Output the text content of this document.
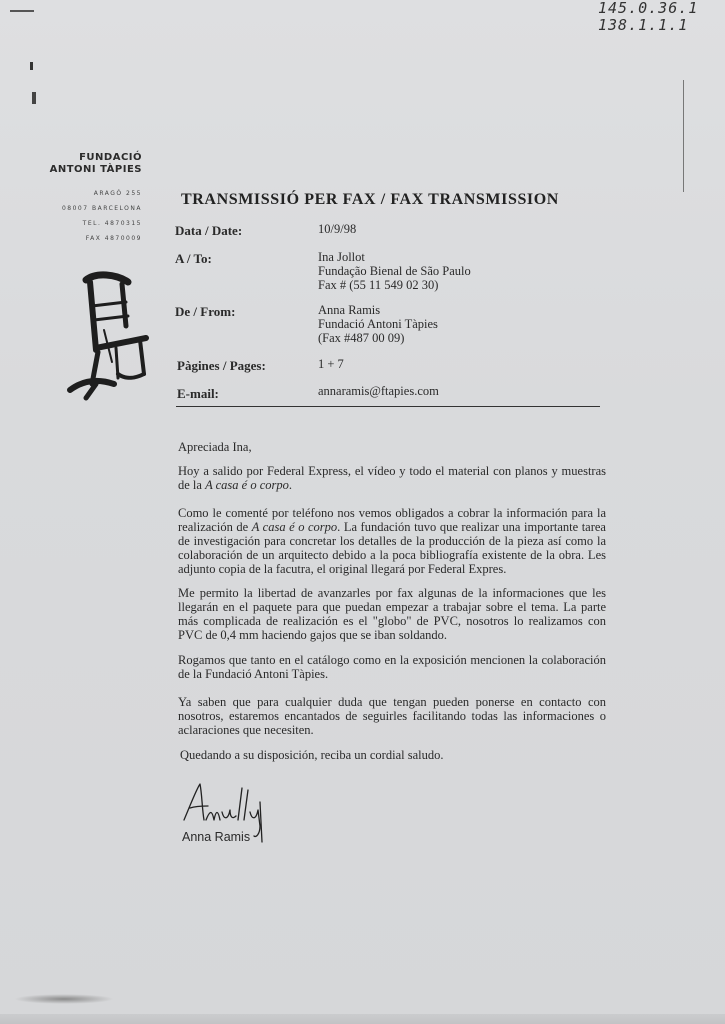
145.0.36.1
138.1.1.1
FUNDACIÓ
ANTONI TÀPIES
ARAGÓ 255
08007 BARCELONA
TEL. 4870315
FAX 4870009
TRANSMISSIÓ PER FAX / FAX TRANSMISSION
Data / Date:	10/9/98
A / To:	Ina Jollot
Fundação Bienal de São Paulo
Fax # (55 11 549 02 30)
De / From:	Anna Ramis
Fundació Antoni Tàpies
(Fax #487 00 09)
Pàgines / Pages:	1 + 7
E-mail:	annaramis@ftapies.com
Apreciada Ina,
Hoy a salido por Federal Express, el vídeo y todo el material con planos y muestras de la A casa é o corpo.
Como le comenté por teléfono nos vemos obligados a cobrar la información para la realización de A casa é o corpo. La fundación tuvo que realizar una importante tarea de investigación para concretar los detalles de la producción de la pieza así como la colaboración de un arquitecto debido a la poca bibliografía existente de la obra. Les adjunto copia de la facutra, el original llegará por Federal Expres.
Me permito la libertad de avanzarles por fax algunas de la informaciones que les llegarán en el paquete para que puedan empezar a trabajar sobre el tema. La parte más complicada de realización es el "globo" de PVC, nosotros lo realizamos con PVC de 0,4 mm haciendo gajos que se iban soldando.
Rogamos que tanto en el catálogo como en la exposición mencionen la colaboración de la Fundació Antoni Tàpies.
Ya saben que para cualquier duda que tengan pueden ponerse en contacto con nosotros, estaremos encantados de seguirles facilitando todas las informaciones o aclaraciones que necesiten.
Quedando a su disposición, reciba un cordial saludo.
Anna Ramis
